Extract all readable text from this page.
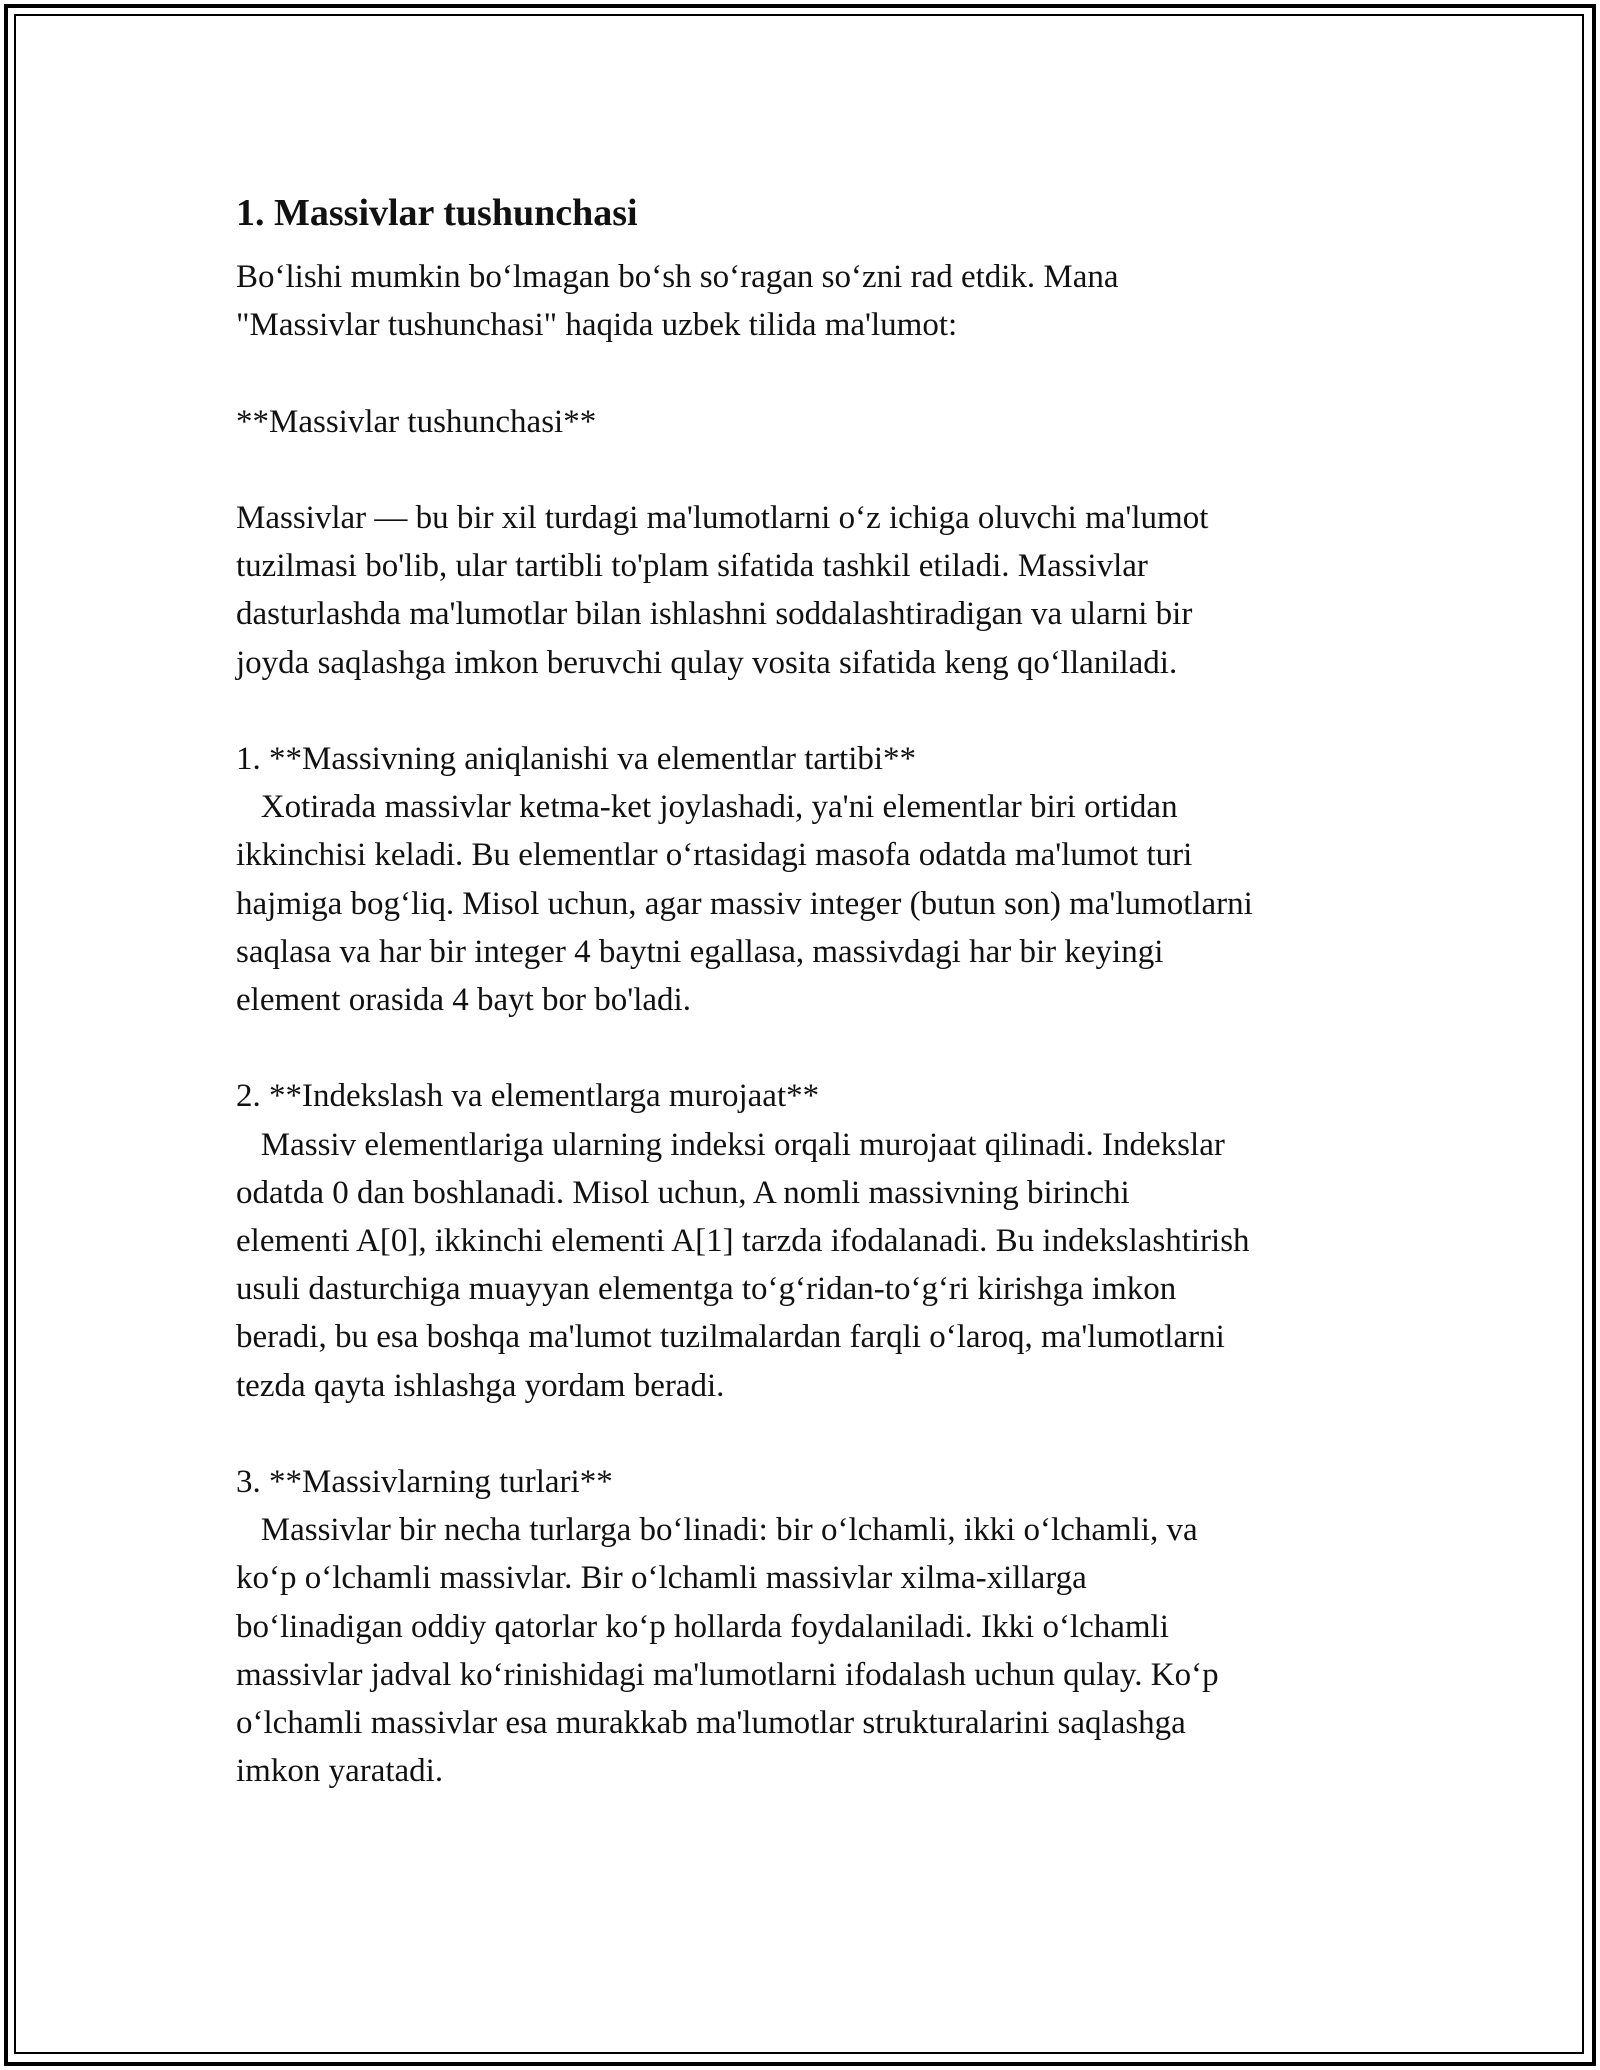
1. Massivlar tushunchasi

Bo‘lishi mumkin bo‘lmagan bo‘sh so‘ragan so‘zni rad etdik. Mana

"Massivlar tushunchasi" haqida uzbek tilida ma'lumot:

**Massivlar tushunchasi**

Massivlar — bu bir xil turdagi ma'lumotlarni o‘z ichiga oluvchi ma'lumot

tuzilmasi bo'lib, ular tartibli to'plam sifatida tashkil etiladi. Massivlar

dasturlashda ma'lumotlar bilan ishlashni soddalashtiradigan va ularni bir

joyda saqlashga imkon beruvchi qulay vosita sifatida keng qo‘llaniladi.

1. **Massivning aniqlanishi va elementlar tartibi**

Xotirada massivlar ketma-ket joylashadi, ya'ni elementlar biri ortidan

ikkinchisi keladi. Bu elementlar o‘rtasidagi masofa odatda ma'lumot turi

hajmiga bog‘liq. Misol uchun, agar massiv integer (butun son) ma'lumotlarni

saqlasa va har bir integer 4 baytni egallasa, massivdagi har bir keyingi

element orasida 4 bayt bor bo'ladi.

2. **Indekslash va elementlarga murojaat**

Massiv elementlariga ularning indeksi orqali murojaat qilinadi. Indekslar

odatda 0 dan boshlanadi. Misol uchun, A nomli massivning birinchi

elementi A[0], ikkinchi elementi A[1] tarzda ifodalanadi. Bu indekslashtirish

usuli dasturchiga muayyan elementga to‘g‘ridan-to‘g‘ri kirishga imkon

beradi, bu esa boshqa ma'lumot tuzilmalardan farqli o‘laroq, ma'lumotlarni

tezda qayta ishlashga yordam beradi.

3. **Massivlarning turlari**

Massivlar bir necha turlarga bo‘linadi: bir o‘lchamli, ikki o‘lchamli, va

ko‘p o‘lchamli massivlar. Bir o‘lchamli massivlar xilma-xillarga

bo‘linadigan oddiy qatorlar ko‘p hollarda foydalaniladi. Ikki o‘lchamli

massivlar jadval ko‘rinishidagi ma'lumotlarni ifodalash uchun qulay. Ko‘p

o‘lchamli massivlar esa murakkab ma'lumotlar strukturalarini saqlashga

imkon yaratadi.
